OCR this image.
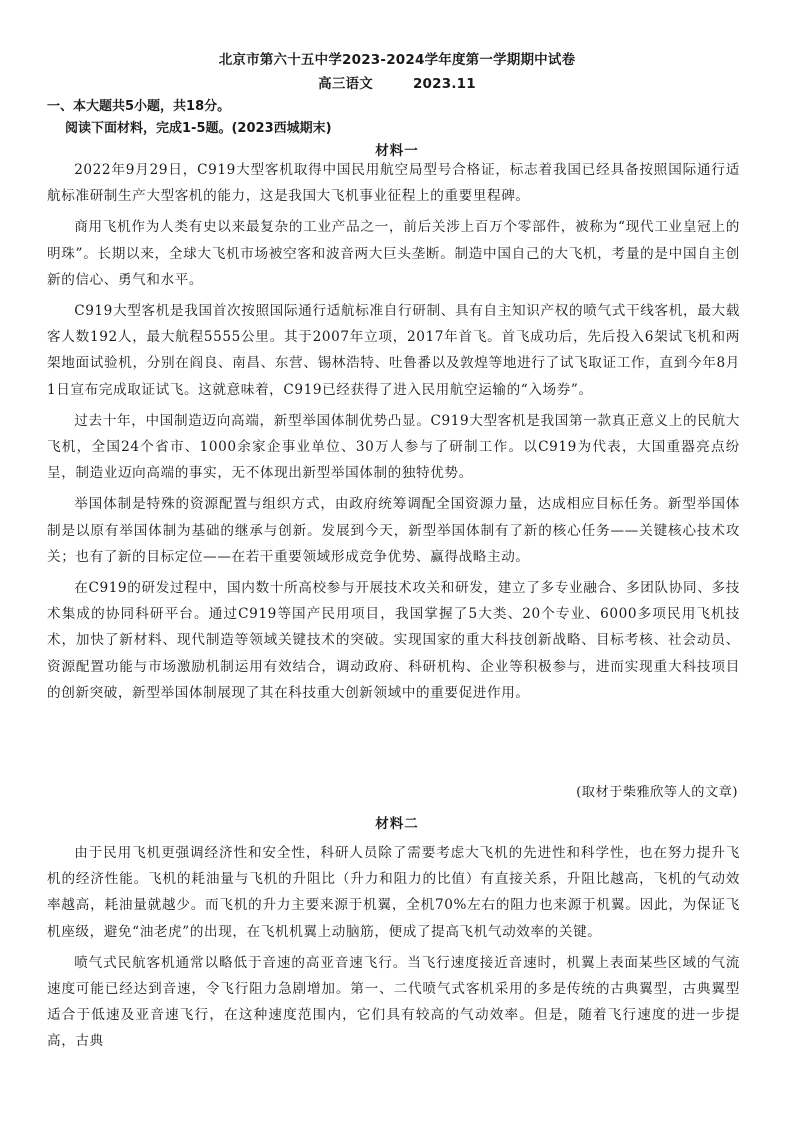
北京市第六十五中学2023-2024学年度第一学期期中试卷
高三语文	2023.11
一、本大题共5小题，共18分。
阅读下面材料，完成1-5题。(2023西城期末)
材料一

2022年9月29日，C919大型客机取得中国民用航空局型号合格证，标志着我国已经具备按照国际通行适航标准研制生产大型客机的能力，这是我国大飞机事业征程上的重要里程碑。

商用飞机作为人类有史以来最复杂的工业产品之一，前后关涉上百万个零部件，被称为“现代工业皇冠上的明珠”。长期以来，全球大飞机市场被空客和波音两大巨头垄断。制造中国自己的大飞机，考量的是中国自主创新的信心、勇气和水平。

C919大型客机是我国首次按照国际通行适航标准自行研制、具有自主知识产权的喷气式干线客机，最大载客人数192人，最大航程5555公里。其于2007年立项，2017年首飞。首飞成功后，先后投入6架试飞机和两架地面试验机，分别在阎良、南昌、东营、锡林浩特、吐鲁番以及敦煌等地进行了试飞取证工作，直到今年8月1日宣布完成取证试飞。这就意味着，C919已经获得了进入民用航空运输的“入场券”。

过去十年，中国制造迈向高端，新型举国体制优势凸显。C919大型客机是我国第一款真正意义上的民航大飞机，全国24个省市、1000余家企事业单位、30万人参与了研制工作。以C919为代表，大国重器亮点纷呈，制造业迈向高端的事实，无不体现出新型举国体制的独特优势。

举国体制是特殊的资源配置与组织方式，由政府统筹调配全国资源力量，达成相应目标任务。新型举国体制是以原有举国体制为基础的继承与创新。发展到今天，新型举国体制有了新的核心任务——关键核心技术攻关；也有了新的目标定位——在若干重要领域形成竞争优势、赢得战略主动。

在C919的研发过程中，国内数十所高校参与开展技术攻关和研发，建立了多专业融合、多团队协同、多技术集成的协同科研平台。通过C919等国产民用项目，我国掌握了5大类、20个专业、6000多项民用飞机技术，加快了新材料、现代制造等领域关键技术的突破。实现国家的重大科技创新战略、目标考核、社会动员、资源配置功能与市场激励机制运用有效结合，调动政府、科研机构、企业等积极参与，进而实现重大科技项目的创新突破，新型举国体制展现了其在科技重大创新领域中的重要促进作用。

(取材于柴雅欣等人的文章)
材料二

由于民用飞机更强调经济性和安全性，科研人员除了需要考虑大飞机的先进性和科学性，也在努力提升飞机的经济性能。飞机的耗油量与飞机的升阻比（升力和阻力的比值）有直接关系，升阻比越高，飞机的气动效率越高，耗油量就越少。而飞机的升力主要来源于机翼，全机70%左右的阻力也来源于机翼。因此，为保证飞机座级，避免“油老虎”的出现，在飞机机翼上动脑筋，便成了提高飞机气动效率的关键。

喷气式民航客机通常以略低于音速的高亚音速飞行。当飞行速度接近音速时，机翼上表面某些区域的气流速度可能已经达到音速，令飞行阻力急剧增加。第一、二代喷气式客机采用的多是传统的古典翼型，古典翼型适合于低速及亚音速飞行，在这种速度范围内，它们具有较高的气动效率。但是，随着飞行速度的进一步提高，古典
